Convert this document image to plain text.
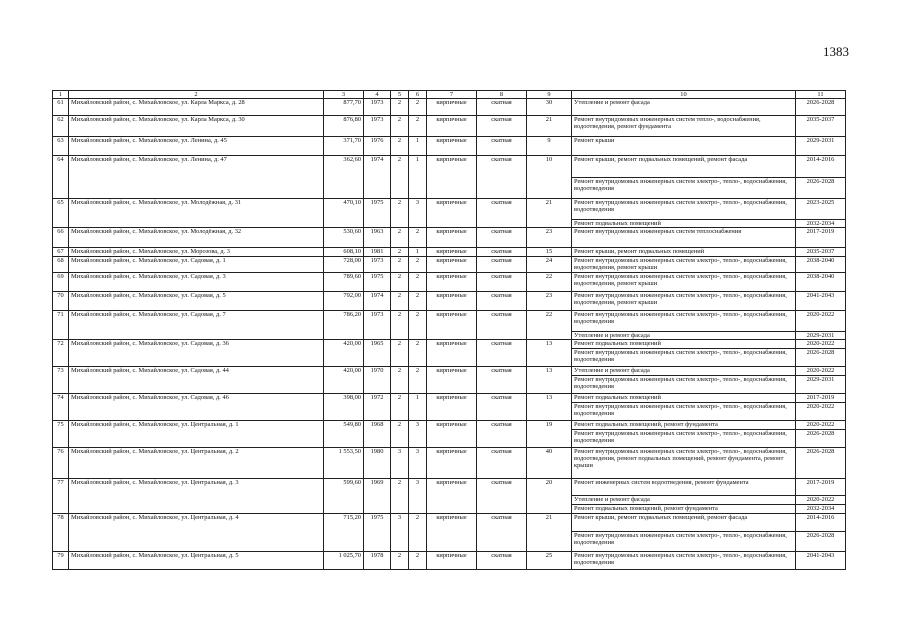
1383
1	2	3	4	5	6	7	8	9	10	11
61	Михайловский район, с. Михайловское, ул. Карла Маркса, д. 28	877,70	1973	2	2	кирпичные	скатная	30	Утепление и ремонт фасада	2026-2028
62	Михайловский район, с. Михайловское, ул. Карла Маркса, д. 30	876,80	1973	2	2	кирпичные	скатная	21	Ремонт внутридомовых инженерных систем тепло-, водоснабжения, водоотведения, ремонт фундамента	2035-2037
63	Михайловский район, с. Михайловское, ул. Ленина, д. 45	371,70	1976	2	1	кирпичные	скатная	9	Ремонт крыши	2029-2031
64	Михайловский район, с. Михайловское, ул. Ленина, д. 47	362,60	1974	2	1	кирпичные	скатная	10	Ремонт крыши, ремонт подвальных помещений, ремонт фасада	2014-2016
									Ремонт внутридомовых инженерных систем электро-, тепло-, водоснабжения, водоотведения	2026-2028
65	Михайловский район, с. Михайловское, ул. Молодёжная, д. 31	470,10	1975	2	3	кирпичные	скатная	21	Ремонт внутридомовых инженерных систем электро-, тепло-, водоснабжения, водоотведения	2023-2025
									Ремонт подвальных помещений	2032-2034
66	Михайловский район, с. Михайловское, ул. Молодёжная, д. 32	530,60	1963	2	2	кирпичные	скатная	23	Ремонт внутридомовых инженерных систем теплоснабжения	2017-2019
67	Михайловский район, с. Михайловское, ул. Морозова, д. 3	608,10	1981	2	1	кирпичные	скатная	15	Ремонт крыши, ремонт подвальных помещений	2035-2037
68	Михайловский район, с. Михайловское, ул. Садовая, д. 1	728,00	1973	2	2	кирпичные	скатная	24	Ремонт внутридомовых инженерных систем электро-, тепло-, водоснабжения, водоотведения, ремонт крыши	2038-2040
69	Михайловский район, с. Михайловское, ул. Садовая, д. 3	789,60	1975	2	2	кирпичные	скатная	22	Ремонт внутридомовых инженерных систем электро-, тепло-, водоснабжения, водоотведения, ремонт крыши	2038-2040
70	Михайловский район, с. Михайловское, ул. Садовая, д. 5	792,00	1974	2	2	кирпичные	скатная	23	Ремонт внутридомовых инженерных систем электро-, тепло-, водоснабжения, водоотведения, ремонт крыши	2041-2043
71	Михайловский район, с. Михайловское, ул. Садовая, д. 7	786,20	1973	2	2	кирпичные	скатная	22	Ремонт внутридомовых инженерных систем электро-, тепло-, водоснабжения, водоотведения	2020-2022
									Утепление и ремонт фасада	2029-2031
72	Михайловский район, с. Михайловское, ул. Садовая, д. 36	420,00	1965	2	2	кирпичные	скатная	13	Ремонт подвальных помещений	2020-2022
									Ремонт внутридомовых инженерных систем электро-, тепло-, водоснабжения, водоотведения	2026-2028
73	Михайловский район, с. Михайловское, ул. Садовая, д. 44	420,00	1970	2	2	кирпичные	скатная	13	Утепление и ремонт фасада	2020-2022
									Ремонт внутридомовых инженерных систем электро-, тепло-, водоснабжения, водоотведения	2029-2031
74	Михайловский район, с. Михайловское, ул. Садовая, д. 46	398,00	1972	2	1	кирпичные	скатная	13	Ремонт подвальных помещений	2017-2019
									Ремонт внутридомовых инженерных систем электро-, тепло-, водоснабжения, водоотведения	2020-2022
75	Михайловский район, с. Михайловское, ул. Центральная, д. 1	549,80	1968	2	3	кирпичные	скатная	19	Ремонт подвальных помещений, ремонт фундамента	2020-2022
									Ремонт внутридомовых инженерных систем электро-, тепло-, водоснабжения, водоотведения	2026-2028
76	Михайловский район, с. Михайловское, ул. Центральная, д. 2	1 553,50	1980	3	3	кирпичные	скатная	40	Ремонт внутридомовых инженерных систем электро-, тепло-, водоснабжения, водоотведения, ремонт подвальных помещений, ремонт фундамента, ремонт крыши	2026-2028
77	Михайловский район, с. Михайловское, ул. Центральная, д. 3	599,60	1969	2	3	кирпичные	скатная	20	Ремонт инженерных систем водоотведения, ремонт фундамента	2017-2019
									Утепление и ремонт фасада	2020-2022
									Ремонт подвальных помещений, ремонт фундамента	2032-2034
78	Михайловский район, с. Михайловское, ул. Центральная, д. 4	715,20	1975	3	2	кирпичные	скатная	21	Ремонт крыши, ремонт подвальных помещений, ремонт фасада	2014-2016
									Ремонт внутридомовых инженерных систем электро-, тепло-, водоснабжения, водоотведения	2026-2028
79	Михайловский район, с. Михайловское, ул. Центральная, д. 5	1 025,70	1978	2	2	кирпичные	скатная	25	Ремонт внутридомовых инженерных систем электро-, тепло-, водоснабжения, водоотведения	2041-2043
